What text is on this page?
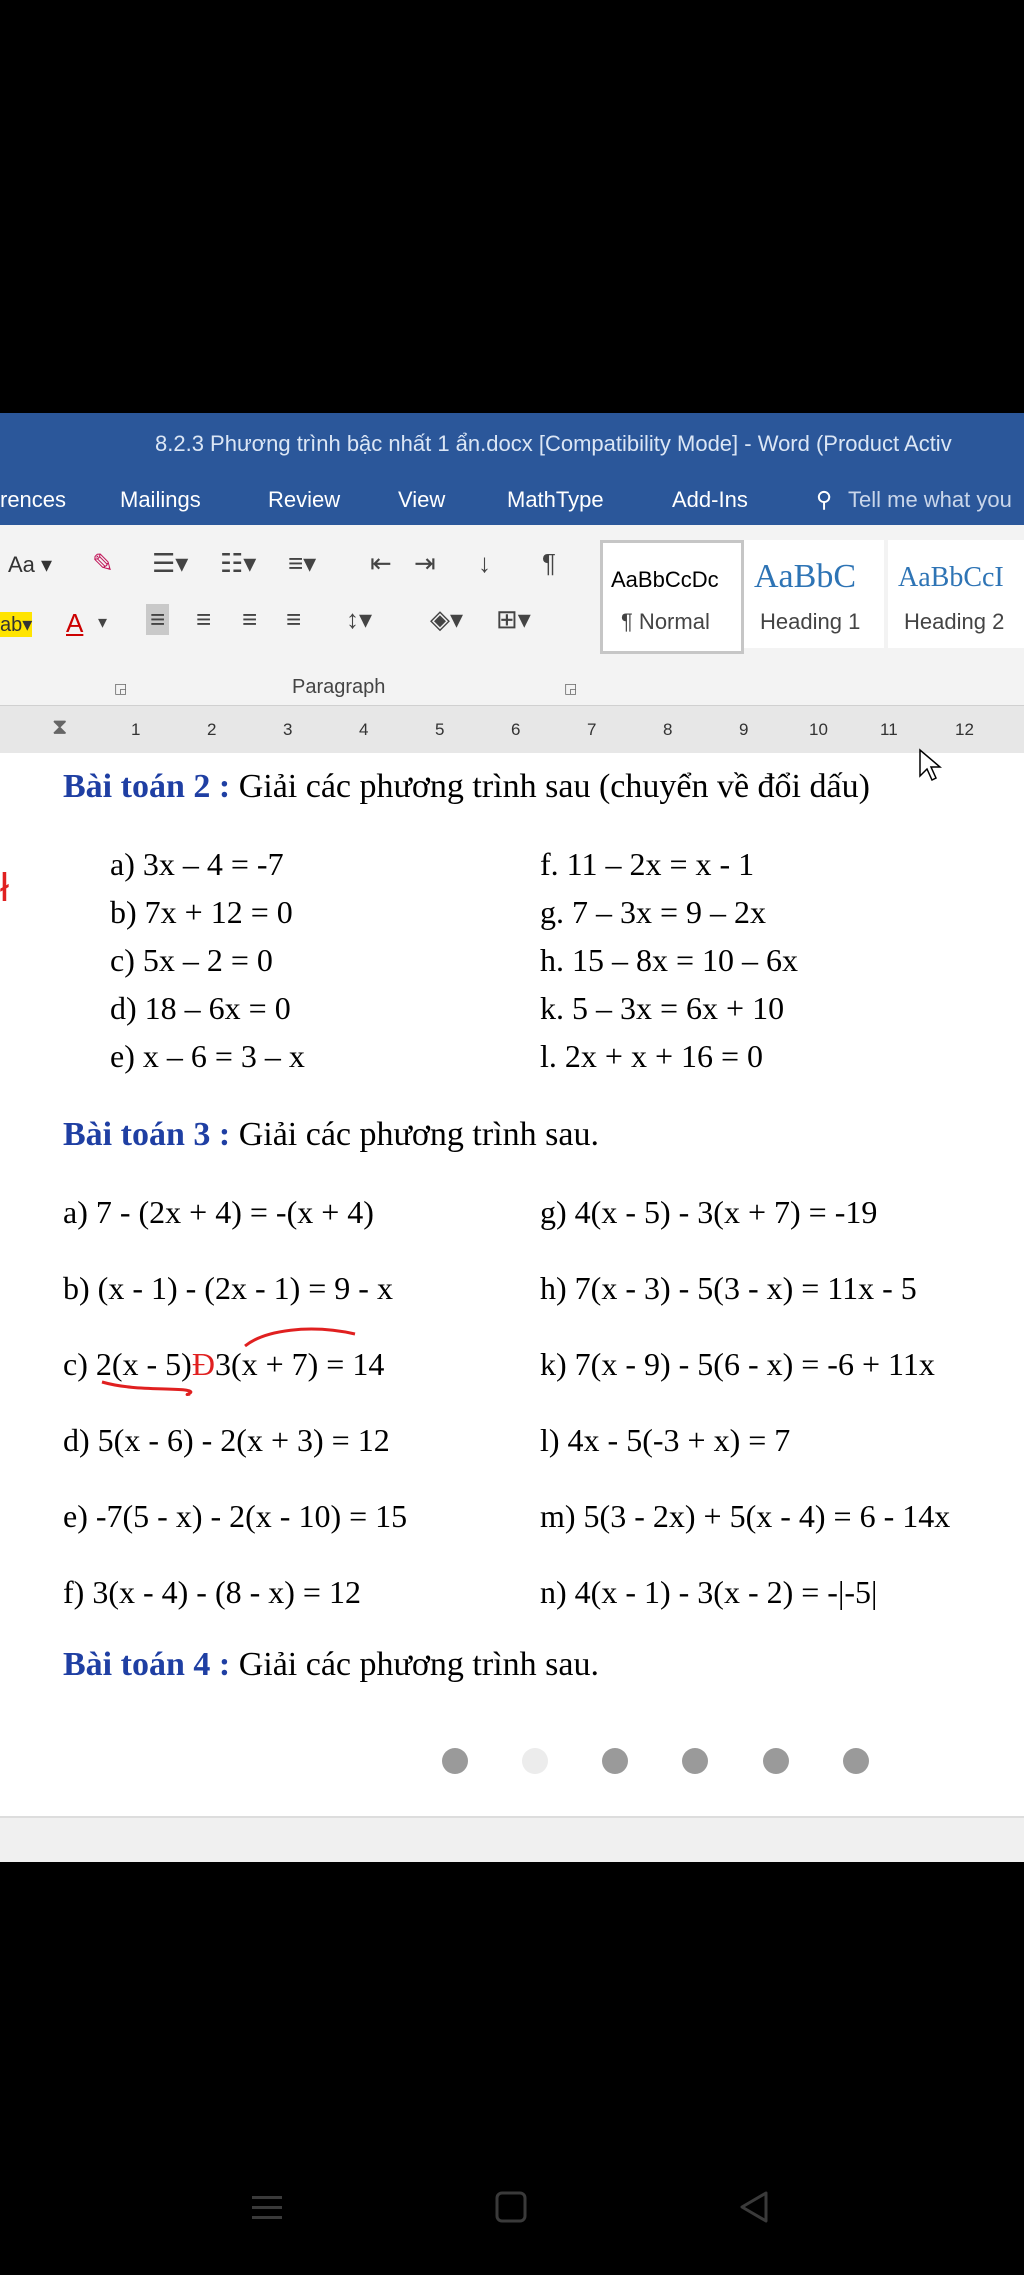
8.2.3 Phương trình bậc nhất 1 ẩn.docx [Compatibility Mode] - Word (Product Activ
rences Mailings	Review	View	MathType	Add-Ins	⚲ Tell me what you
Aa ▾ ✎ ☰▾ ☷▾ ≡▾ ⇤ ⇥ ↓ ¶
ab▾ A ▾ ≡ ≡ ≡ ≡ ↕▾ ◈▾ ⊞▾
Paragraph
◲	◲
AaBbCcDc
¶ Normal
AaBbC
Heading 1
AaBbCcI
Heading 2
⧗	1	2	3	4	5	6	7	8	9	10	11	12
ł
Bài toán 2 : Giải các phương trình sau (chuyển về đổi dấu)
a) 3x – 4 = -7
b) 7x + 12 = 0
c) 5x – 2 = 0
d) 18 – 6x = 0
e) x – 6 = 3 – x
f. 11 – 2x = x - 1
g. 7 – 3x = 9 – 2x
h. 15 – 8x = 10 – 6x
k. 5 – 3x = 6x + 10
l. 2x + x + 16 = 0
Bài toán 3 : Giải các phương trình sau.
a) 7 - (2x + 4) = -(x + 4)
b) (x - 1) - (2x - 1) = 9 - x
c) 2(x - 5)Ð3(x + 7) = 14
d) 5(x - 6) - 2(x + 3) = 12
e) -7(5 - x) - 2(x - 10) = 15
f) 3(x - 4) - (8 - x) = 12
g) 4(x - 5) - 3(x + 7) = -19
h) 7(x - 3) - 5(3 - x) = 11x - 5
k) 7(x - 9) - 5(6 - x) = -6 + 11x
l) 4x - 5(-3 + x) = 7
m) 5(3 - 2x) + 5(x - 4) = 6 - 14x
n) 4(x - 1) - 3(x - 2) = -|-5|
Bài toán 4 : Giải các phương trình sau.
